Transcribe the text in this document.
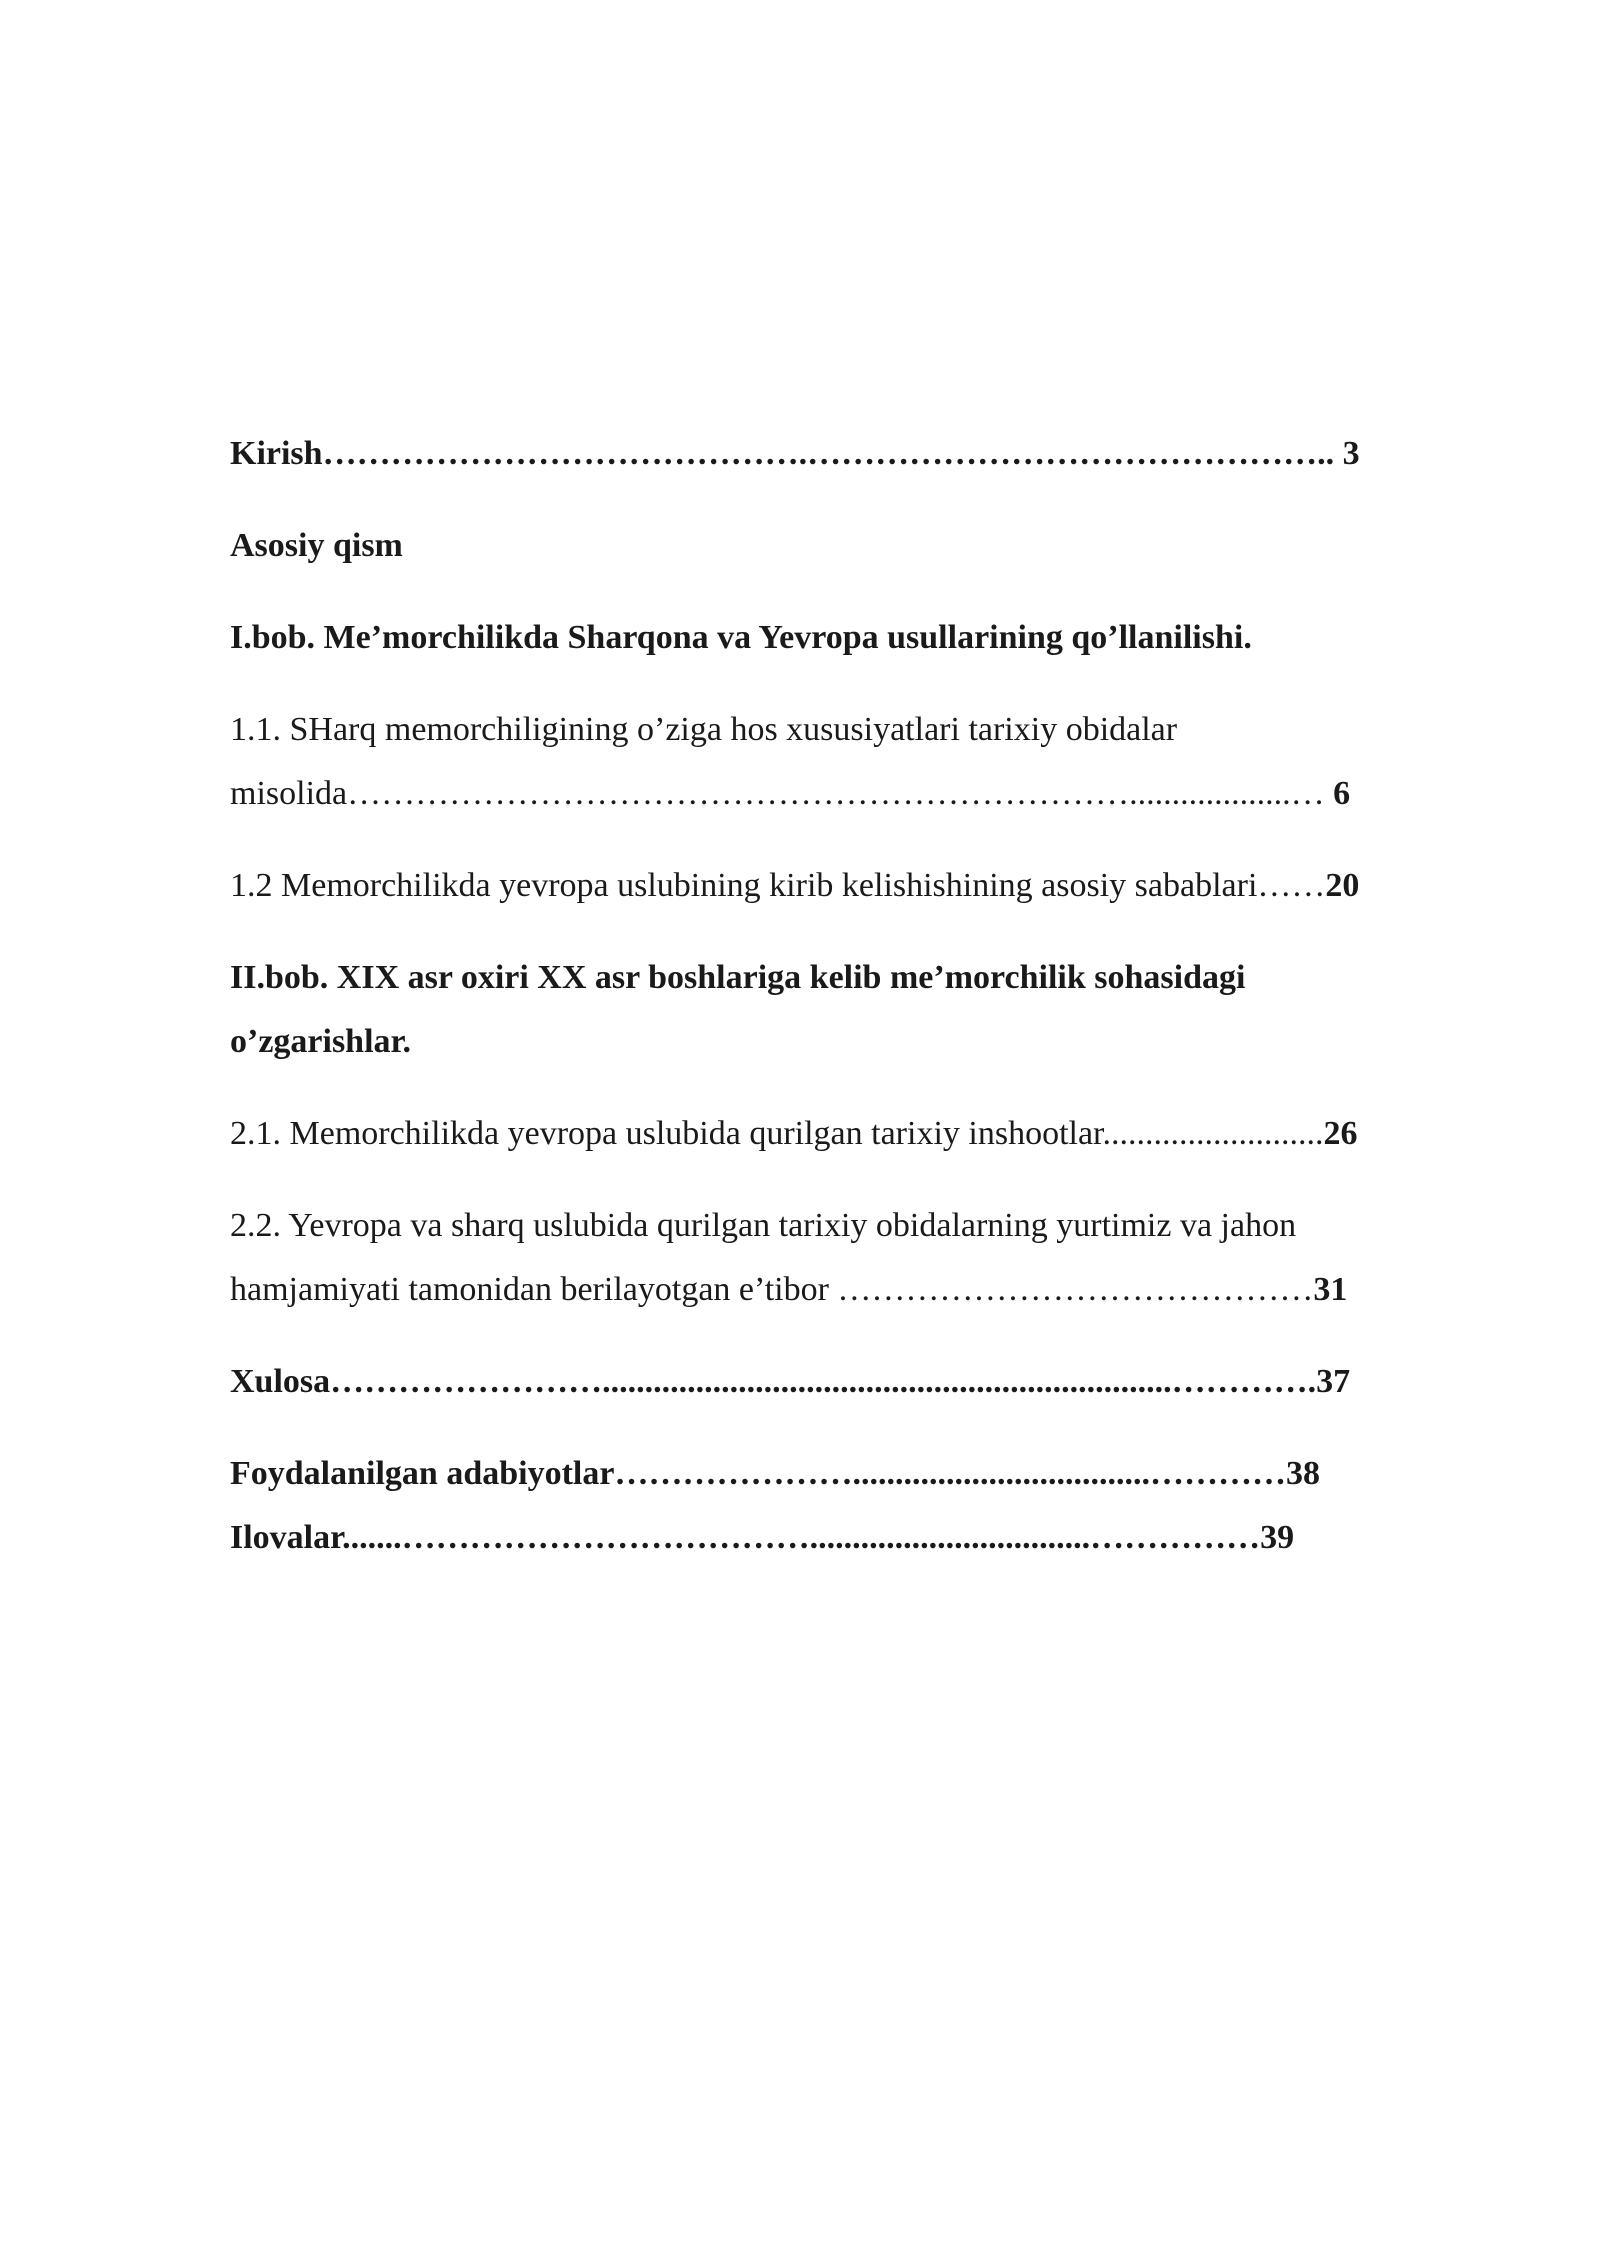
Kirish…………………………………….……………………………………….. 3
Asosiy qism
I.bob. Me’morchilikda Sharqona va Yevropa usullarining qo’llanilishi.
1.1. SHarq memorchiligining o’ziga hos xususiyatlari tarixiy obidalar
misolida……………………………………………………………...................… 6
1.2 Memorchilikda yevropa uslubining kirib kelishishining asosiy sabablari……20
II.bob. XIX asr oxiri XX asr boshlariga kelib me’morchilik sohasidagi
o’zgarishlar.
2.1. Memorchilikda yevropa uslubida qurilgan tarixiy inshootlar..........................26
2.2. Yevropa va sharq uslubida qurilgan tarixiy obidalarning yurtimiz va jahon
hamjamiyati tamonidan berilayotgan e’tibor ……………………………………31
Xulosa……………………...................................................................………….37
Foydalanilgan adabiyotlar…………………...................................…………38
Ilovalar.......……………………………….................................……………39
